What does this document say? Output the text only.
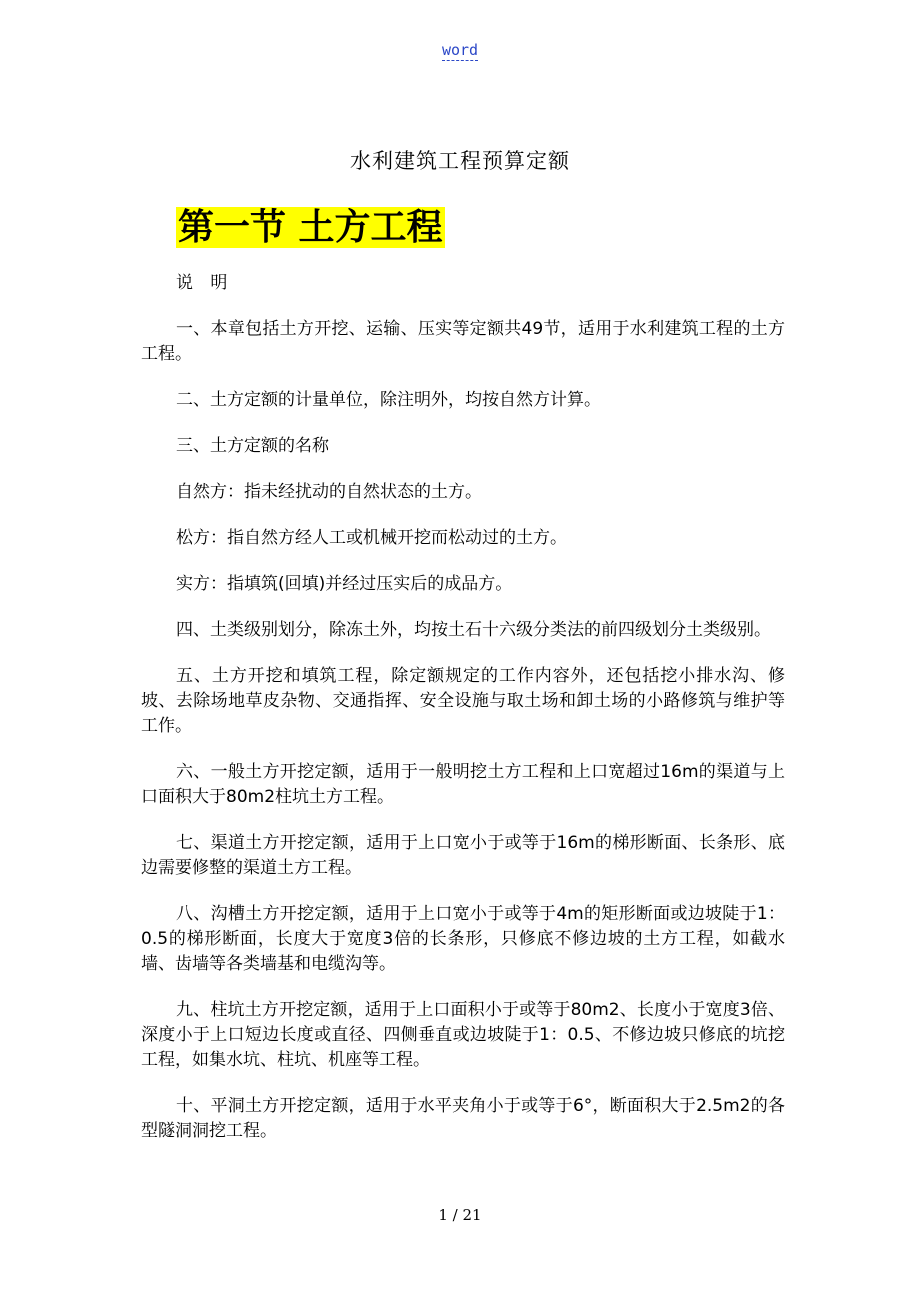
word
水利建筑工程预算定额
第一节 土方工程

说 明

一、本章包括土方开挖、运输、压实等定额共49节，适用于水利建筑工程的土方工程。

二、土方定额的计量单位，除注明外，均按自然方计算。

三、土方定额的名称

自然方：指未经扰动的自然状态的土方。

松方：指自然方经人工或机械开挖而松动过的土方。

实方：指填筑(回填)并经过压实后的成品方。

四、土类级别划分，除冻土外，均按土石十六级分类法的前四级划分土类级别。

五、土方开挖和填筑工程，除定额规定的工作内容外，还包括挖小排水沟、修坡、去除场地草皮杂物、交通指挥、安全设施与取土场和卸土场的小路修筑与维护等工作。

六、一般土方开挖定额，适用于一般明挖土方工程和上口宽超过16m的渠道与上口面积大于80m2柱坑土方工程。

七、渠道土方开挖定额，适用于上口宽小于或等于16m的梯形断面、长条形、底边需要修整的渠道土方工程。

八、沟槽土方开挖定额，适用于上口宽小于或等于4m的矩形断面或边坡陡于1：0.5的梯形断面，长度大于宽度3倍的长条形，只修底不修边坡的土方工程，如截水墙、齿墙等各类墙基和电缆沟等。

九、柱坑土方开挖定额，适用于上口面积小于或等于80m2、长度小于宽度3倍、深度小于上口短边长度或直径、四侧垂直或边坡陡于1：0.5、不修边坡只修底的坑挖工程，如集水坑、柱坑、机座等工程。

十、平洞土方开挖定额，适用于水平夹角小于或等于6°，断面积大于2.5m2的各型隧洞洞挖工程。

1 / 21
